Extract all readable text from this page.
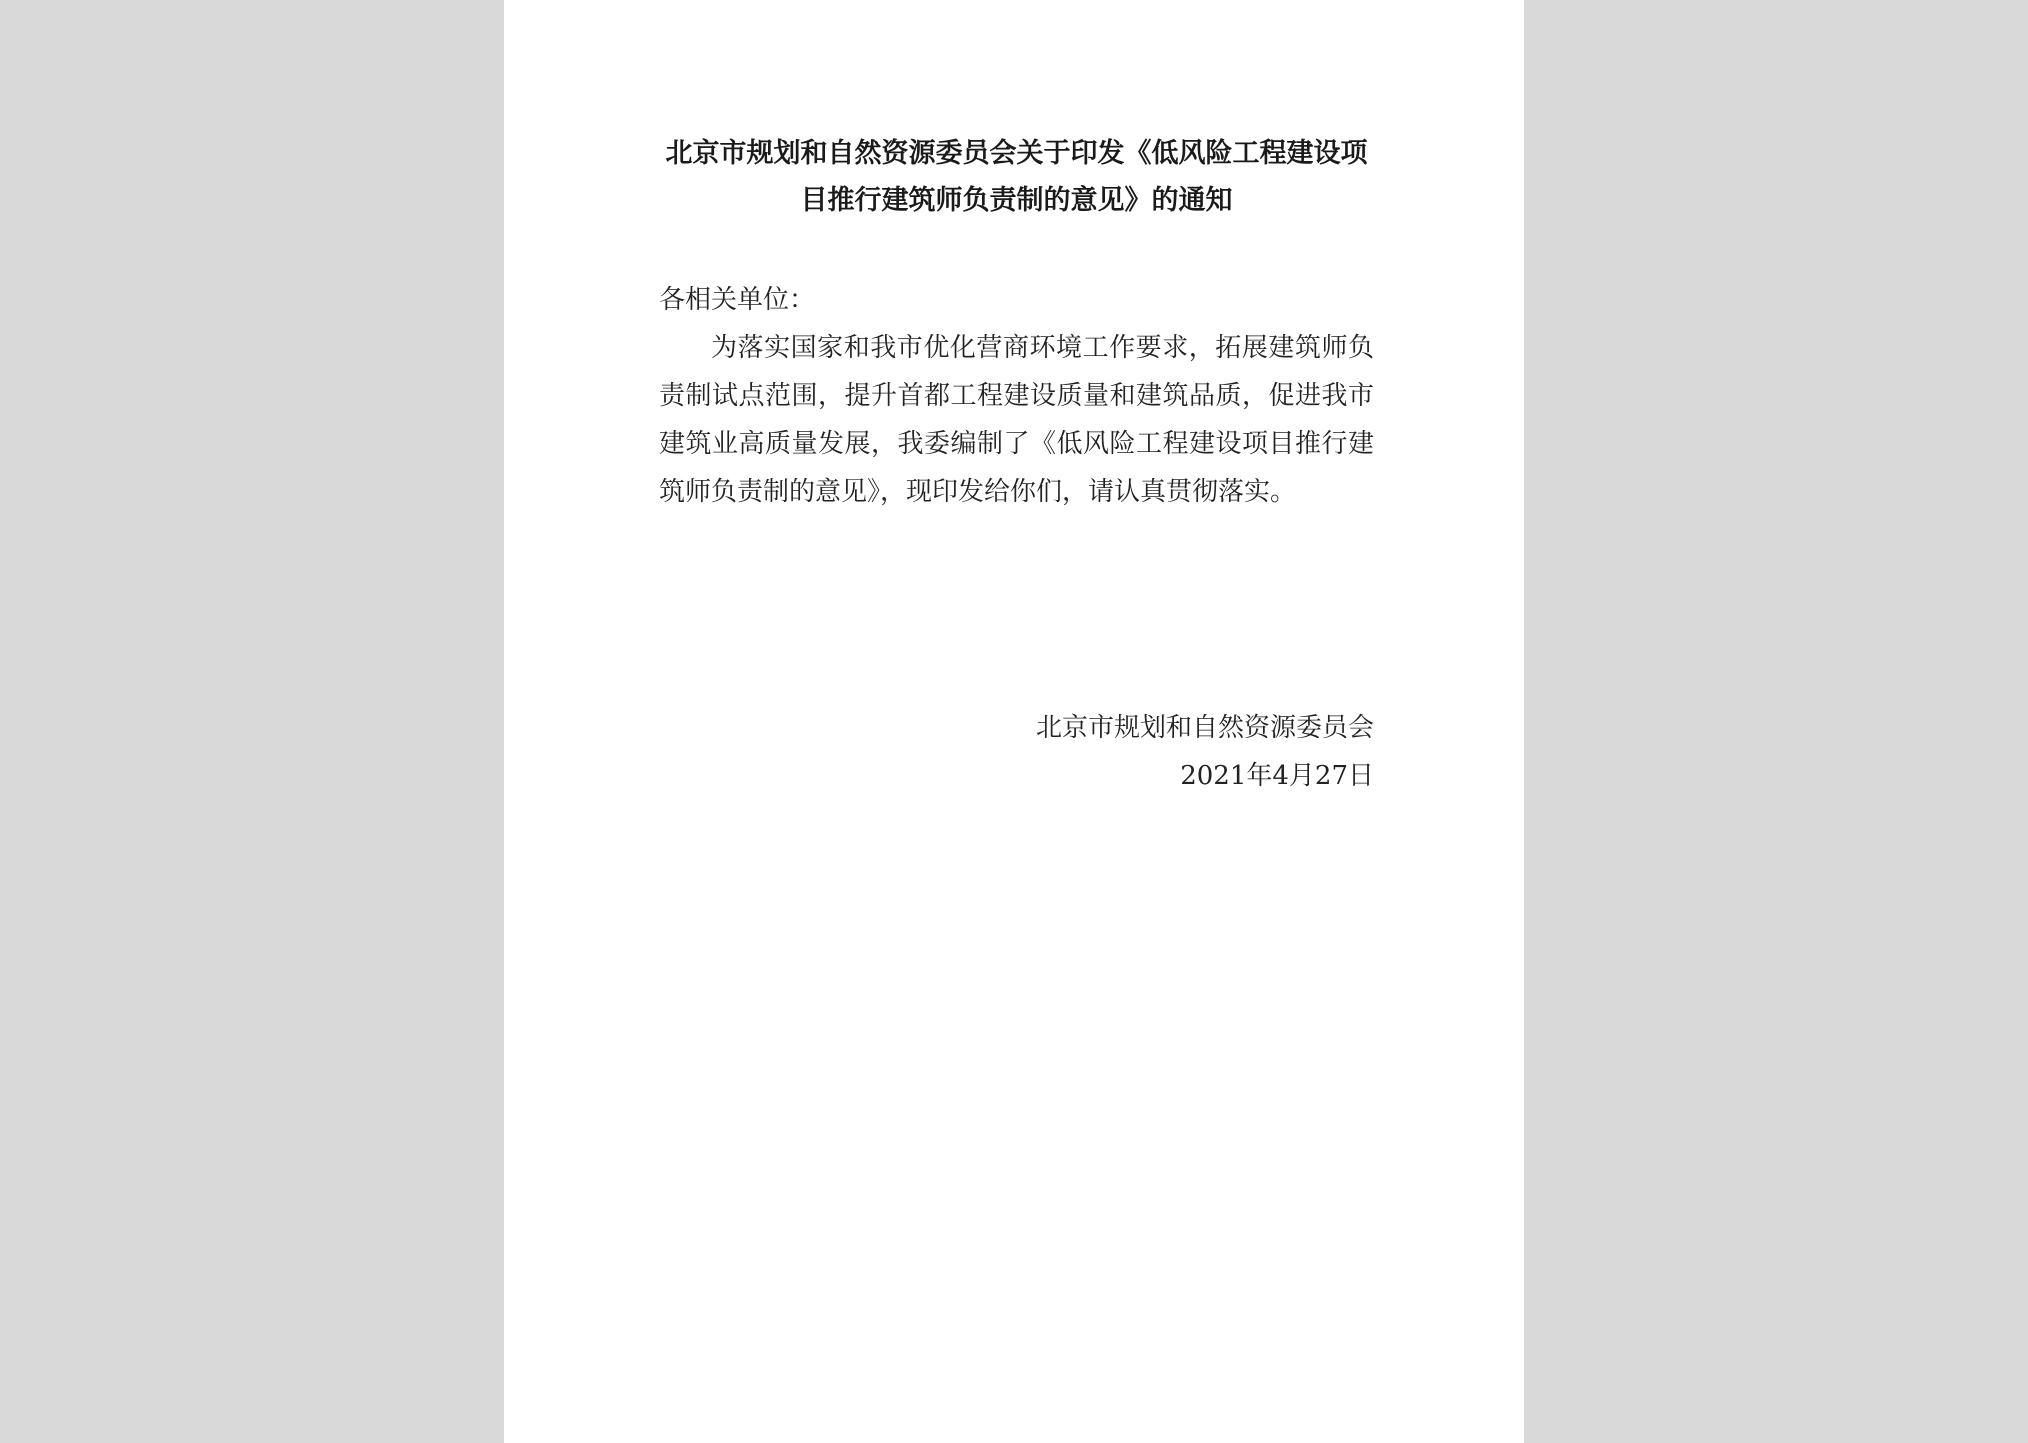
北京市规划和自然资源委员会关于印发《低风险工程建设项
目推行建筑师负责制的意见》的通知

各相关单位：

为落实国家和我市优化营商环境工作要求，拓展建筑师负责制试点范围，提升首都工程建设质量和建筑品质，促进我市建筑业高质量发展，我委编制了《低风险工程建设项目推行建筑师负责制的意见》，现印发给你们，请认真贯彻落实。

北京市规划和自然资源委员会
2021年4月27日
